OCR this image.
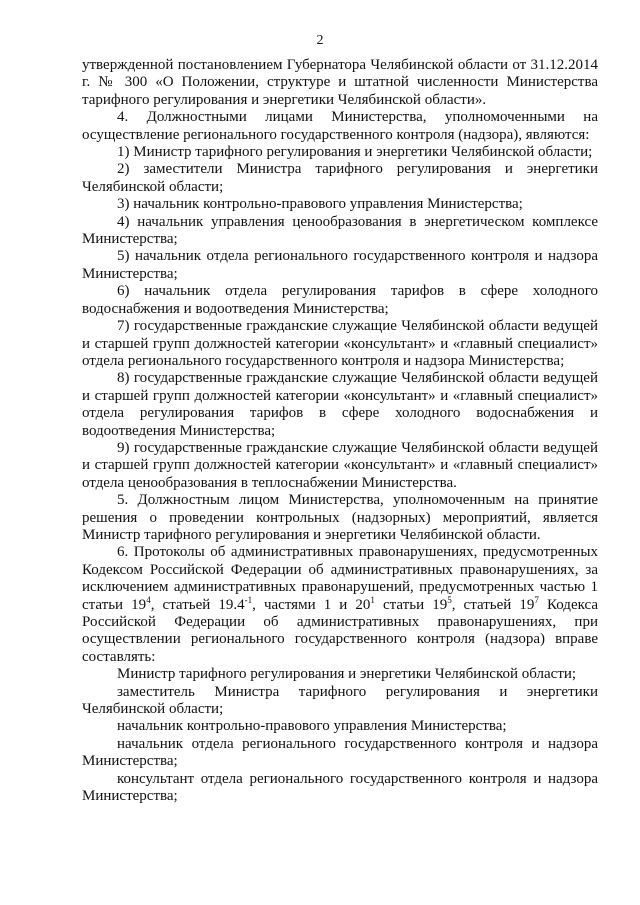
2

утвержденной постановлением Губернатора Челябинской области от 31.12.2014 г. № 300 «О Положении, структуре и штатной численности Министерства тарифного регулирования и энергетики Челябинской области».

4. Должностными лицами Министерства, уполномоченными на осуществление регионального государственного контроля (надзора), являются:

1) Министр тарифного регулирования и энергетики Челябинской области;

2) заместители Министра тарифного регулирования и энергетики Челябинской области;

3) начальник контрольно-правового управления Министерства;

4) начальник управления ценообразования в энергетическом комплексе Министерства;

5) начальник отдела регионального государственного контроля и надзора Министерства;

6) начальник отдела регулирования тарифов в сфере холодного водоснабжения и водоотведения Министерства;

7) государственные гражданские служащие Челябинской области ведущей и старшей групп должностей категории «консультант» и «главный специалист» отдела регионального государственного контроля и надзора Министерства;

8) государственные гражданские служащие Челябинской области ведущей и старшей групп должностей категории «консультант» и «главный специалист» отдела регулирования тарифов в сфере холодного водоснабжения и водоотведения Министерства;

9) государственные гражданские служащие Челябинской области ведущей и старшей групп должностей категории «консультант» и «главный специалист» отдела ценообразования в теплоснабжении Министерства.

5. Должностным лицом Министерства, уполномоченным на принятие решения о проведении контрольных (надзорных) мероприятий, является Министр тарифного регулирования и энергетики Челябинской области.

6. Протоколы об административных правонарушениях, предусмотренных Кодексом Российской Федерации об административных правонарушениях, за исключением административных правонарушений, предусмотренных частью 1 статьи $19^4$, статьей $19.4^{-1}$, частями 1 и $20^1$ статьи $19^5$, статьей $19^7$ Кодекса Российской Федерации об административных правонарушениях, при осуществлении регионального государственного контроля (надзора) вправе составлять:

Министр тарифного регулирования и энергетики Челябинской области;

заместитель Министра тарифного регулирования и энергетики Челябинской области;

начальник контрольно-правового управления Министерства;

начальник отдела регионального государственного контроля и надзора Министерства;

консультант отдела регионального государственного контроля и надзора Министерства;
